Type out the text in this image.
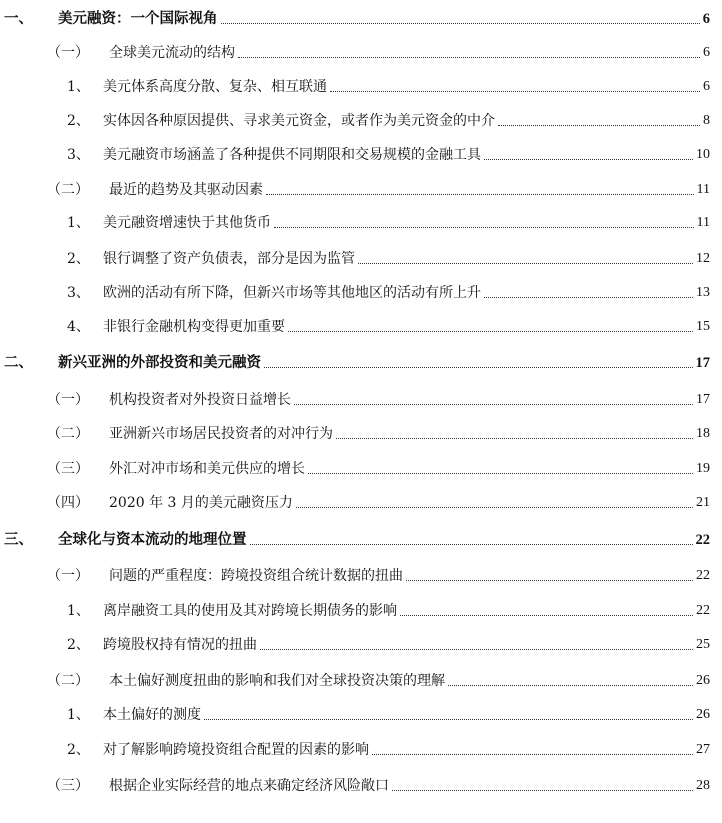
一、	美元融资：一个国际视角	6
（一）	全球美元流动的结构	6
1、 美元体系高度分散、复杂、相互联通	6
2、 实体因各种原因提供、寻求美元资金，或者作为美元资金的中介	8
3、 美元融资市场涵盖了各种提供不同期限和交易规模的金融工具	10
（二）	最近的趋势及其驱动因素	11
1、 美元融资增速快于其他货币	11
2、 银行调整了资产负债表，部分是因为监管	12
3、 欧洲的活动有所下降，但新兴市场等其他地区的活动有所上升	13
4、 非银行金融机构变得更加重要	15
二、	新兴亚洲的外部投资和美元融资	17
（一）	机构投资者对外投资日益增长	17
（二）	亚洲新兴市场居民投资者的对冲行为	18
（三）	外汇对冲市场和美元供应的增长	19
（四）	2020 年 3 月的美元融资压力	21
三、	全球化与资本流动的地理位置	22
（一）	问题的严重程度：跨境投资组合统计数据的扭曲	22
1、 离岸融资工具的使用及其对跨境长期债务的影响	22
2、 跨境股权持有情况的扭曲	25
（二）	本土偏好测度扭曲的影响和我们对全球投资决策的理解	26
1、 本土偏好的测度	26
2、 对了解影响跨境投资组合配置的因素的影响	27
（三）	根据企业实际经营的地点来确定经济风险敞口	28
